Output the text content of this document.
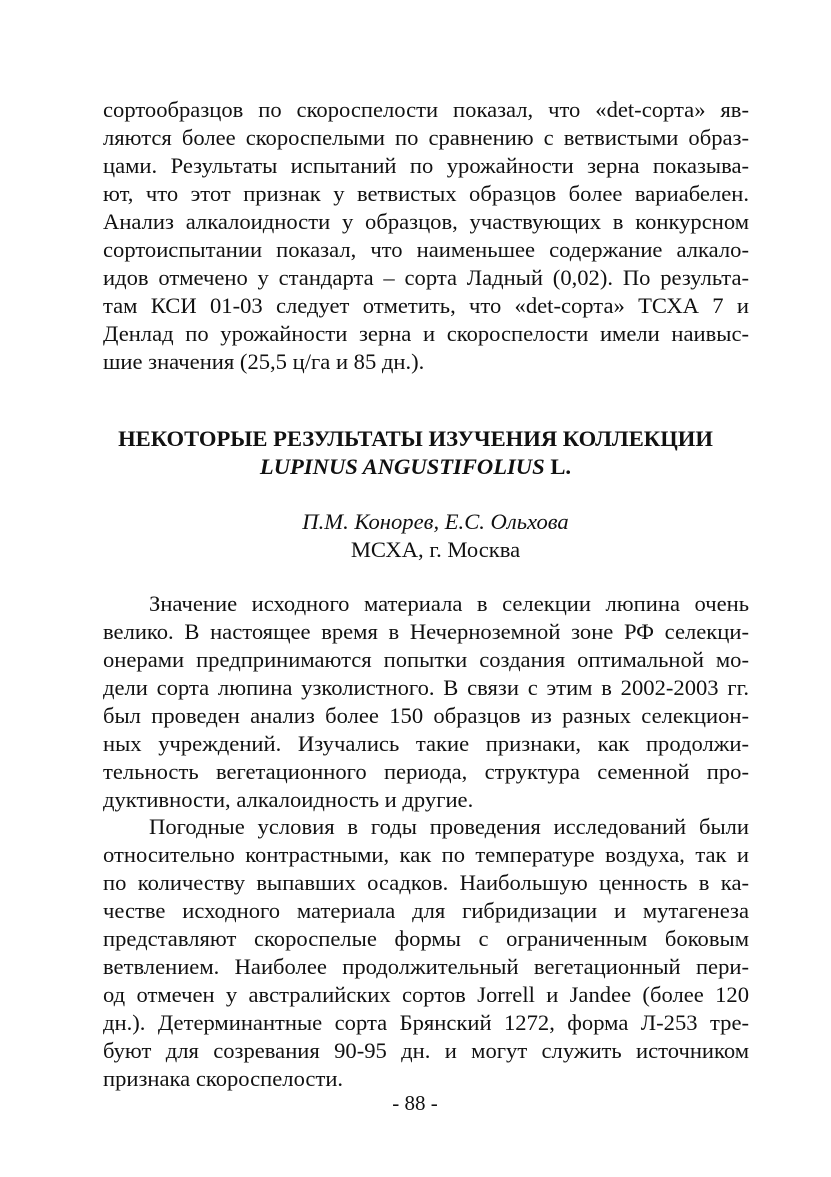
сортообразцов по скороспелости показал, что «det-сорта» яв-
ляются более скороспелыми по сравнению с ветвистыми образ-
цами. Результаты испытаний по урожайности зерна показыва-
ют, что этот признак у ветвистых образцов более вариабелен.
Анализ алкалоидности у образцов, участвующих в конкурсном
сортоиспытании показал, что наименьшее содержание алкало-
идов отмечено у стандарта – сорта Ладный (0,02). По результа-
там КСИ 01-03 следует отметить, что «det-сорта» ТСХА 7 и
Денлад по урожайности зерна и скороспелости имели наивыс-
шие значения (25,5 ц/га и 85 дн.).
НЕКОТОРЫЕ РЕЗУЛЬТАТЫ ИЗУЧЕНИЯ КОЛЛЕКЦИИ
LUPINUS ANGUSTIFOLIUS L.
П.М. Конорев, Е.С. Ольхова
МСХА, г. Москва
Значение исходного материала в селекции люпина очень
велико. В настоящее время в Нечерноземной зоне РФ селекци-
онерами предпринимаются попытки создания оптимальной мо-
дели сорта люпина узколистного. В связи с этим в 2002-2003 гг.
был проведен анализ более 150 образцов из разных селекцион-
ных учреждений. Изучались такие признаки, как продолжи-
тельность вегетационного периода, структура семенной про-
дуктивности, алкалоидность и другие.
Погодные условия в годы проведения исследований были
относительно контрастными, как по температуре воздуха, так и
по количеству выпавших осадков. Наибольшую ценность в ка-
честве исходного материала для гибридизации и мутагенеза
представляют скороспелые формы с ограниченным боковым
ветвлением. Наиболее продолжительный вегетационный пери-
од отмечен у австралийских сортов Jorrell и Jandee (более 120
дн.). Детерминантные сорта Брянский 1272, форма Л-253 тре-
буют для созревания 90-95 дн. и могут служить источником
признака скороспелости.
- 88 -
